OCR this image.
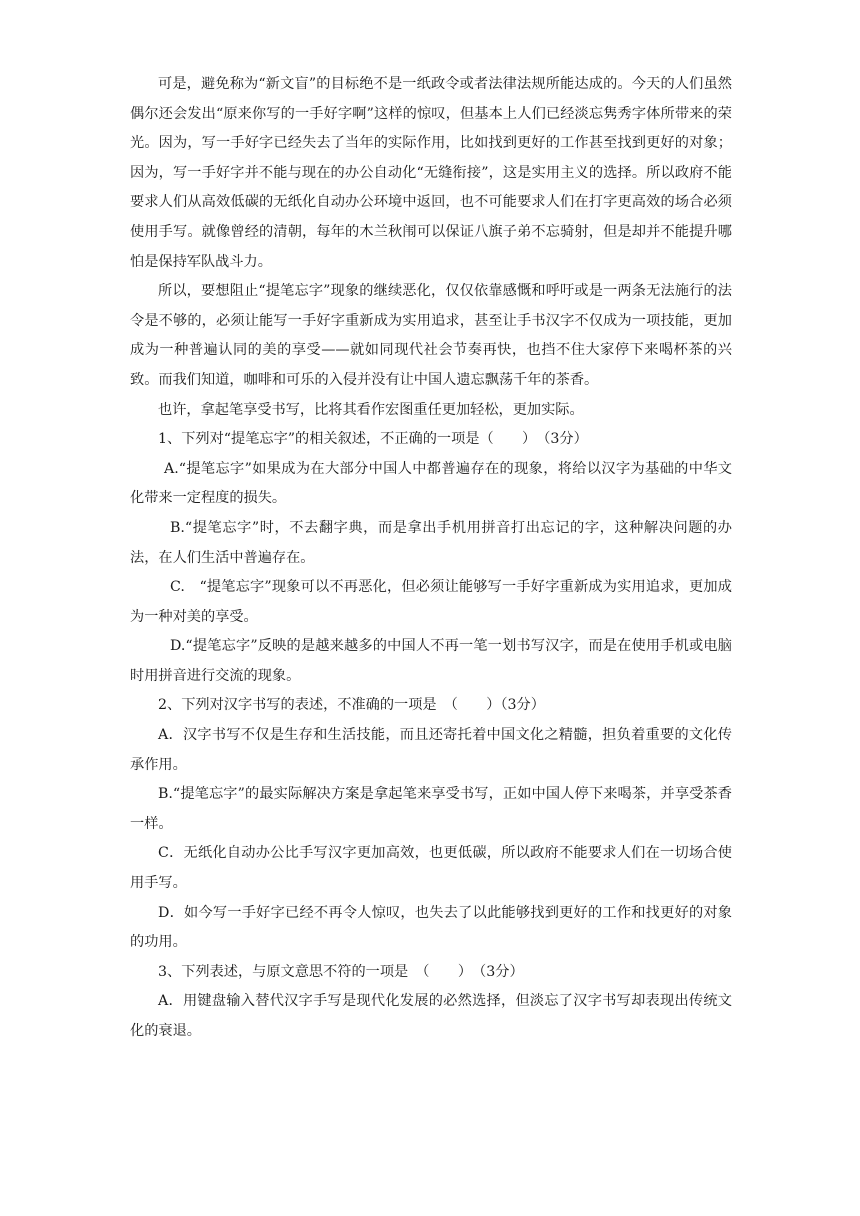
可是，避免称为“新文盲”的目标绝不是一纸政令或者法律法规所能达成的。今天的人们虽然偶尔还会发出“原来你写的一手好字啊”这样的惊叹，但基本上人们已经淡忘隽秀字体所带来的荣光。因为，写一手好字已经失去了当年的实际作用，比如找到更好的工作甚至找到更好的对象；因为，写一手好字并不能与现在的办公自动化“无缝衔接”，这是实用主义的选择。所以政府不能要求人们从高效低碳的无纸化自动办公环境中返回，也不可能要求人们在打字更高效的场合必须使用手写。就像曾经的清朝，每年的木兰秋闱可以保证八旗子弟不忘骑射，但是却并不能提升哪怕是保持军队战斗力。

所以，要想阻止“提笔忘字”现象的继续恶化，仅仅依靠感慨和呼吁或是一两条无法施行的法令是不够的，必须让能写一手好字重新成为实用追求，甚至让手书汉字不仅成为一项技能，更加成为一种普遍认同的美的享受——就如同现代社会节奏再快，也挡不住大家停下来喝杯茶的兴致。而我们知道，咖啡和可乐的入侵并没有让中国人遗忘飘荡千年的茶香。

也许，拿起笔享受书写，比将其看作宏图重任更加轻松，更加实际。

1、下列对“提笔忘字”的相关叙述，不正确的一项是（　　）　（3分）

A.“提笔忘字”如果成为在大部分中国人中都普遍存在的现象，将给以汉字为基础的中华文化带来一定程度的损失。

B.“提笔忘字”时，不去翻字典，而是拿出手机用拼音打出忘记的字，这种解决问题的办法，在人们生活中普遍存在。

C.　“提笔忘字”现象可以不再恶化，但必须让能够写一手好字重新成为实用追求，更加成为一种对美的享受。

D.“提笔忘字”反映的是越来越多的中国人不再一笔一划书写汉字，而是在使用手机或电脑时用拼音进行交流的现象。

2、下列对汉字书写的表述，不准确的一项是　（　　）（3分）

A．汉字书写不仅是生存和生活技能，而且还寄托着中国文化之精髓，担负着重要的文化传承作用。

B.“提笔忘字”的最实际解决方案是拿起笔来享受书写，正如中国人停下来喝茶，并享受茶香一样。

C．无纸化自动办公比手写汉字更加高效，也更低碳，所以政府不能要求人们在一切场合使用手写。

D．如今写一手好字已经不再令人惊叹，也失去了以此能够找到更好的工作和找更好的对象的功用。

3、下列表述，与原文意思不符的一项是　（　　）　（3分）

A．用键盘输入替代汉字手写是现代化发展的必然选择，但淡忘了汉字书写却表现出传统文化的衰退。
